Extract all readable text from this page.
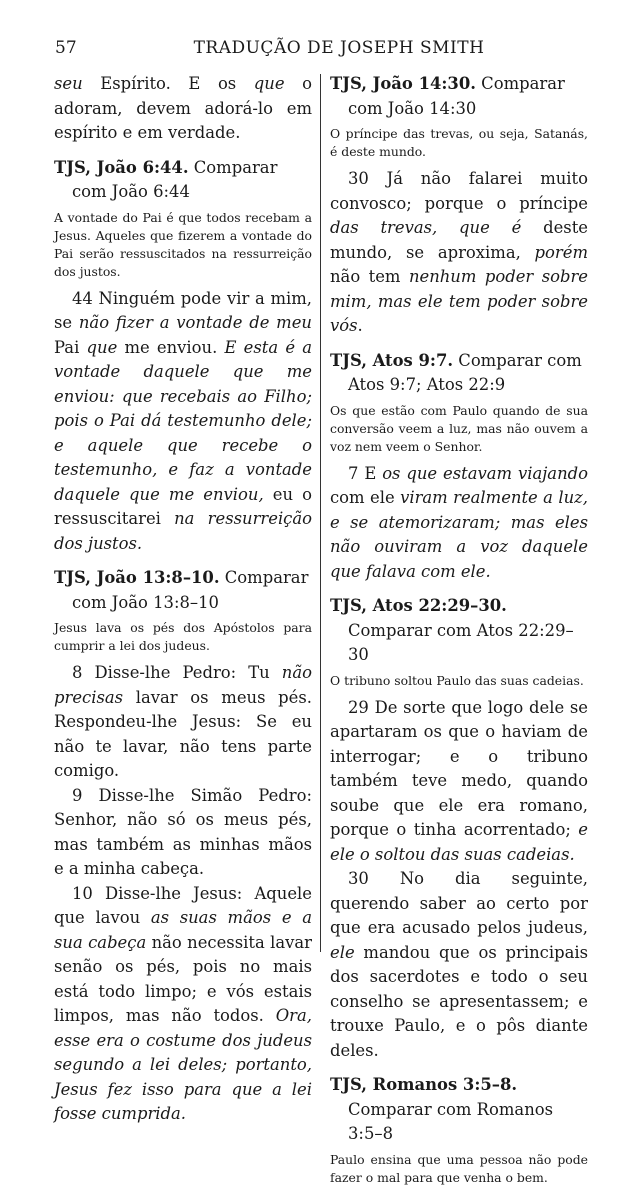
57	TRADUÇÃO DE JOSEPH SMITH

seu Espírito. E os que o adoram, devem adorá-lo em espírito e em verdade.

TJS, João 6:44. Comparar com João 6:44

A vontade do Pai é que todos recebam a Jesus. Aqueles que fizerem a vontade do Pai serão ressuscitados na ressurreição dos justos.

44 Ninguém pode vir a mim, se não fizer a vontade de meu Pai que me enviou. E esta é a vontade daquele que me enviou: que recebais ao Filho; pois o Pai dá testemunho dele; e aquele que recebe o testemunho, e faz a vontade daquele que me enviou, eu o ressuscitarei na ressurreição dos justos.

TJS, João 13:8–10. Comparar com João 13:8–10

Jesus lava os pés dos Apóstolos para cumprir a lei dos judeus.

8 Disse-lhe Pedro: Tu não precisas lavar os meus pés. Respondeu-lhe Jesus: Se eu não te lavar, não tens parte comigo.

9 Disse-lhe Simão Pedro: Senhor, não só os meus pés, mas também as minhas mãos e a minha cabeça.

10 Disse-lhe Jesus: Aquele que lavou as suas mãos e a sua cabeça não necessita lavar senão os pés, pois no mais está todo limpo; e vós estais limpos, mas não todos. Ora, esse era o costume dos judeus segundo a lei deles; portanto, Jesus fez isso para que a lei fosse cumprida.

TJS, João 14:30. Comparar com João 14:30

O príncipe das trevas, ou seja, Satanás, é deste mundo.

30 Já não falarei muito convosco; porque o príncipe das trevas, que é deste mundo, se aproxima, porém não tem nenhum poder sobre mim, mas ele tem poder sobre vós.

TJS, Atos 9:7. Comparar com Atos 9:7; Atos 22:9

Os que estão com Paulo quando de sua conversão veem a luz, mas não ouvem a voz nem veem o Senhor.

7 E os que estavam viajando com ele viram realmente a luz, e se atemorizaram; mas eles não ouviram a voz daquele que falava com ele.

TJS, Atos 22:29–30. Comparar com Atos 22:29–30

O tribuno soltou Paulo das suas cadeias.

29 De sorte que logo dele se apartaram os que o haviam de interrogar; e o tribuno também teve medo, quando soube que ele era romano, porque o tinha acorrentado; e ele o soltou das suas cadeias.

30 No dia seguinte, querendo saber ao certo por que era acusado pelos judeus, ele mandou que os principais dos sacerdotes e todo o seu conselho se apresentassem; e trouxe Paulo, e o pôs diante deles.

TJS, Romanos 3:5–8. Comparar com Romanos 3:5–8

Paulo ensina que uma pessoa não pode fazer o mal para que venha o bem.
